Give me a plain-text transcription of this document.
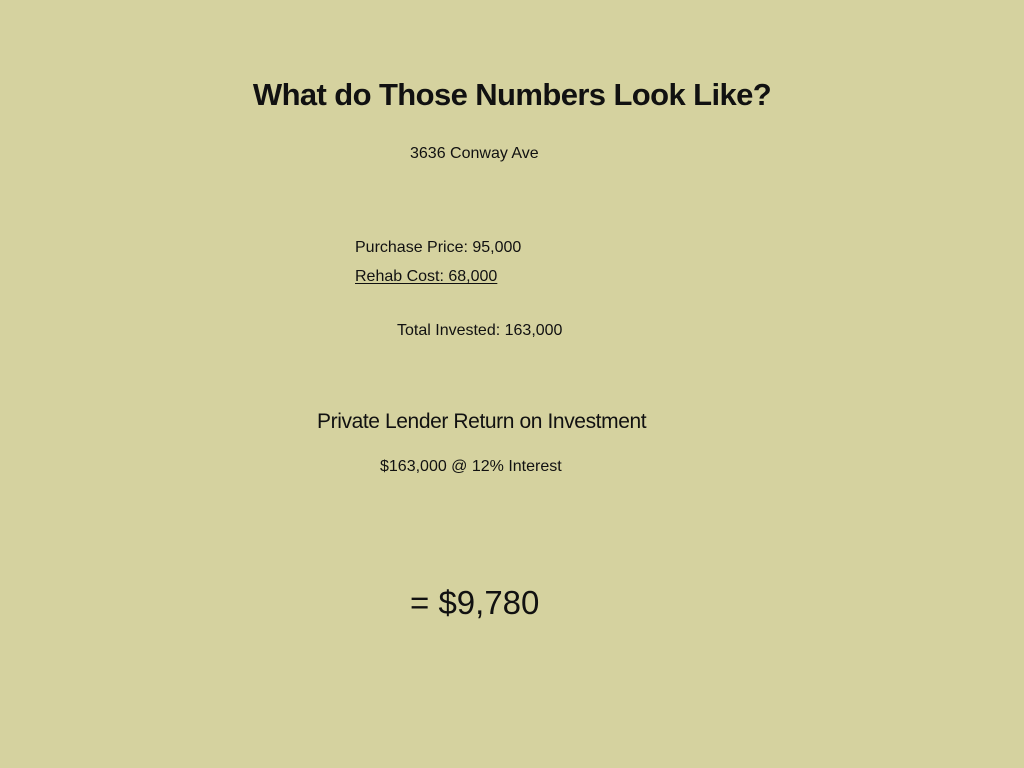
What do Those Numbers Look Like?
3636 Conway Ave
Purchase Price: 95,000
Rehab Cost: 68,000
Total Invested: 163,000
Private Lender Return on Investment
$163,000 @ 12% Interest
= $9,780
